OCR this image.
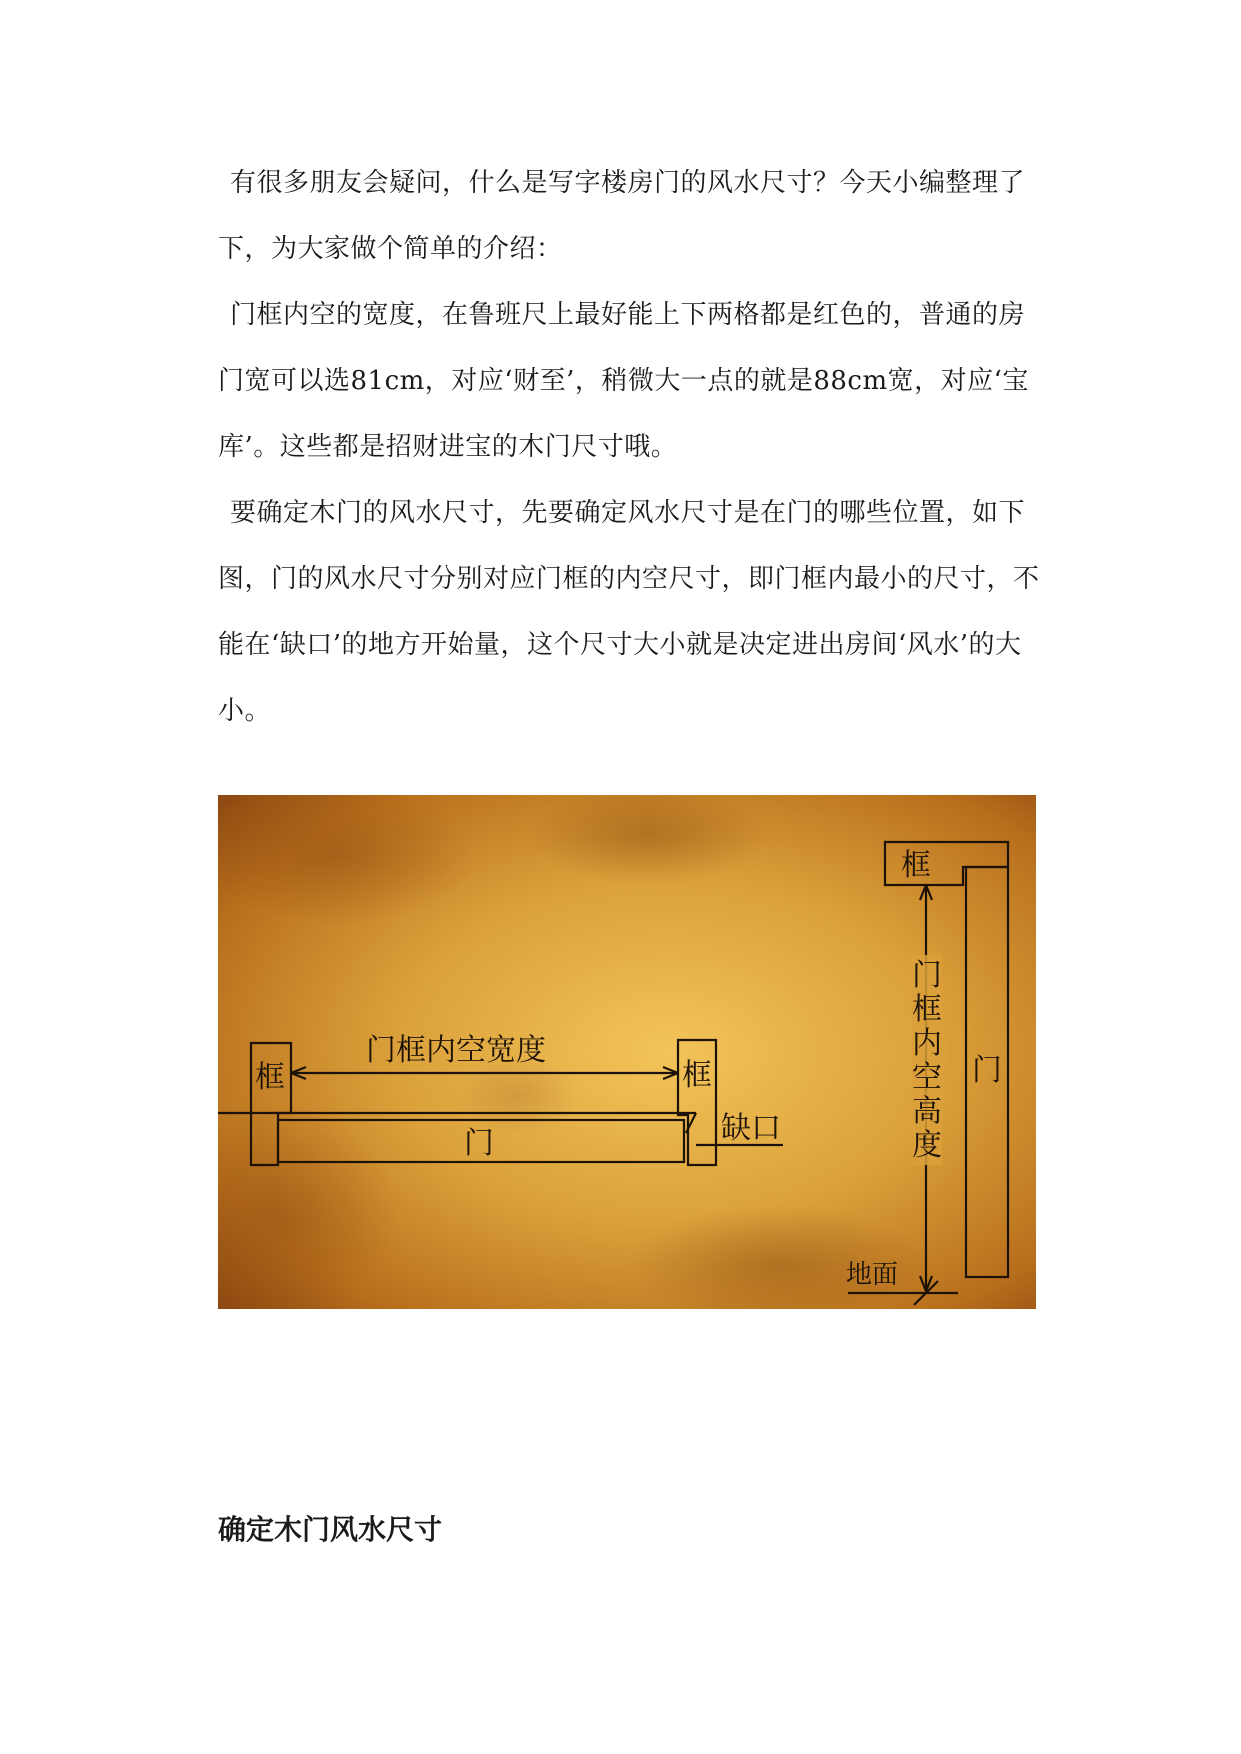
有很多朋友会疑问，什么是写字楼房门的风水尺寸？今天小编整理了下，为大家做个简单的介绍：

门框内空的宽度，在鲁班尺上最好能上下两格都是红色的，普通的房门宽可以选81cm，对应‘财至’，稍微大一点的就是88cm宽，对应‘宝库’。这些都是招财进宝的木门尺寸哦。

要确定木门的风水尺寸，先要确定风水尺寸是在门的哪些位置，如下图，门的风水尺寸分别对应门框的内空尺寸，即门框内最小的尺寸，不能在‘缺口’的地方开始量，这个尺寸大小就是决定进出房间‘风水’的大小。

框	框
框
门框内空宽度
门	缺口
门
地面
门
框
内
空
高
度
确定木门风水尺寸
